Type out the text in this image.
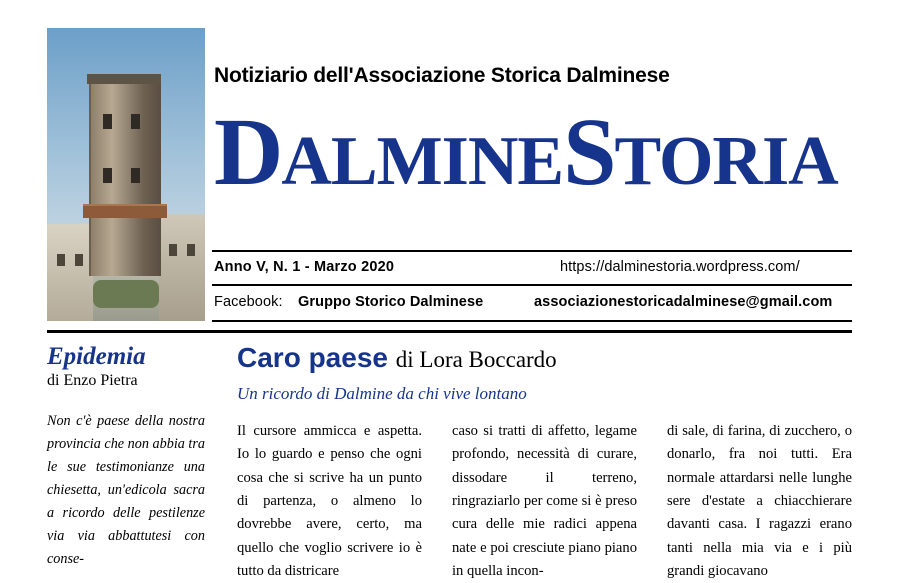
Notiziario dell'Associazione Storica Dalminese
DALMINESTORIA
Anno V, N. 1 - Marzo 2020	https://dalminestoria.wordpress.com/
Facebook: Gruppo Storico Dalminese	associazionestoricadalminese@gmail.com
Epidemia
di Enzo Pietra
Non c'è paese della nostra provincia che non abbia tra le sue testimonianze una chiesetta, un'edicola sacra a ricordo delle pestilenze via via abbattutesi con conse-
Caro paese di Lora Boccardo
Un ricordo di Dalmine da chi vive lontano
Il cursore ammicca e aspetta. Io lo guardo e penso che ogni cosa che si scrive ha un punto di partenza, o almeno lo dovrebbe avere, certo, ma quello che voglio scrivere io è tutto da districare
caso si tratti di affetto, legame profondo, necessità di curare, dissodare il terreno, ringraziarlo per come si è preso cura delle mie radici appena nate e poi cresciute piano piano in quella incon-
di sale, di farina, di zucchero, o donarlo, fra noi tutti. Era normale attardarsi nelle lunghe sere d'estate a chiacchierare davanti casa. I ragazzi erano tanti nella mia via e i più grandi giocavano
